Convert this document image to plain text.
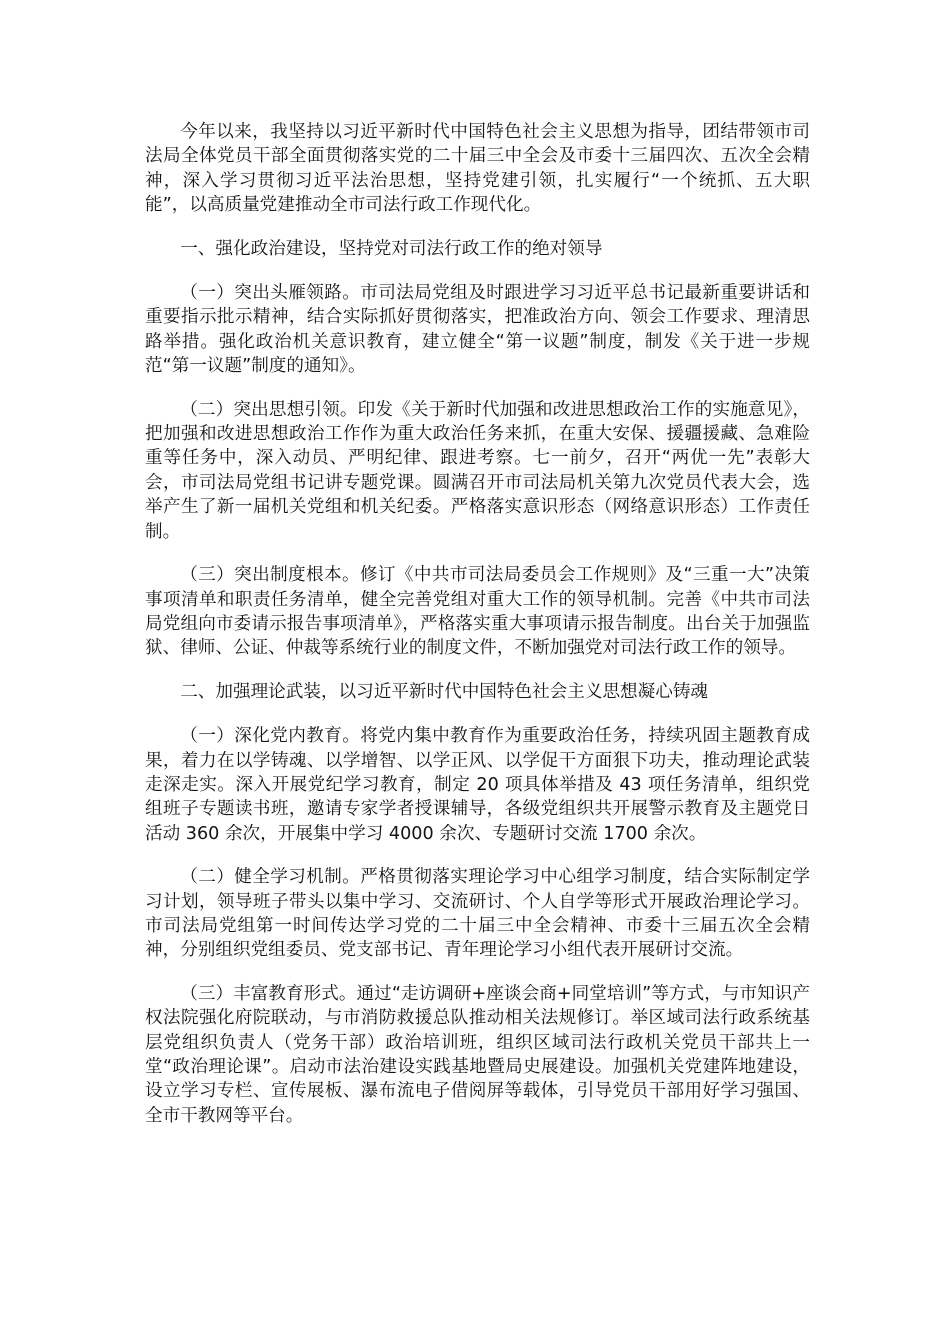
今年以来，我坚持以习近平新时代中国特色社会主义思想为指导，团结带领市司法局全体党员干部全面贯彻落实党的二十届三中全会及市委十三届四次、五次全会精神，深入学习贯彻习近平法治思想，坚持党建引领，扎实履行“一个统抓、五大职能”，以高质量党建推动全市司法行政工作现代化。

一、强化政治建设，坚持党对司法行政工作的绝对领导

（一）突出头雁领路。市司法局党组及时跟进学习习近平总书记最新重要讲话和重要指示批示精神，结合实际抓好贯彻落实，把准政治方向、领会工作要求、理清思路举措。强化政治机关意识教育，建立健全“第一议题”制度，制发《关于进一步规范“第一议题”制度的通知》。

（二）突出思想引领。印发《关于新时代加强和改进思想政治工作的实施意见》，把加强和改进思想政治工作作为重大政治任务来抓，在重大安保、援疆援藏、急难险重等任务中，深入动员、严明纪律、跟进考察。七一前夕，召开“两优一先”表彰大会，市司法局党组书记讲专题党课。圆满召开市司法局机关第九次党员代表大会，选举产生了新一届机关党组和机关纪委。严格落实意识形态（网络意识形态）工作责任制。

（三）突出制度根本。修订《中共市司法局委员会工作规则》及“三重一大”决策事项清单和职责任务清单，健全完善党组对重大工作的领导机制。完善《中共市司法局党组向市委请示报告事项清单》，严格落实重大事项请示报告制度。出台关于加强监狱、律师、公证、仲裁等系统行业的制度文件，不断加强党对司法行政工作的领导。

二、加强理论武装，以习近平新时代中国特色社会主义思想凝心铸魂

（一）深化党内教育。将党内集中教育作为重要政治任务，持续巩固主题教育成果，着力在以学铸魂、以学增智、以学正风、以学促干方面狠下功夫，推动理论武装走深走实。深入开展党纪学习教育，制定 20 项具体举措及 43 项任务清单，组织党组班子专题读书班，邀请专家学者授课辅导，各级党组织共开展警示教育及主题党日活动 360 余次，开展集中学习 4000 余次、专题研讨交流 1700 余次。

（二）健全学习机制。严格贯彻落实理论学习中心组学习制度，结合实际制定学习计划，领导班子带头以集中学习、交流研讨、个人自学等形式开展政治理论学习。市司法局党组第一时间传达学习党的二十届三中全会精神、市委十三届五次全会精神，分别组织党组委员、党支部书记、青年理论学习小组代表开展研讨交流。

（三）丰富教育形式。通过“走访调研+座谈会商+同堂培训”等方式，与市知识产权法院强化府院联动，与市消防救援总队推动相关法规修订。举区域司法行政系统基层党组织负责人（党务干部）政治培训班，组织区域司法行政机关党员干部共上一堂“政治理论课”。启动市法治建设实践基地暨局史展建设。加强机关党建阵地建设，设立学习专栏、宣传展板、瀑布流电子借阅屏等载体，引导党员干部用好学习强国、全市干教网等平台。
